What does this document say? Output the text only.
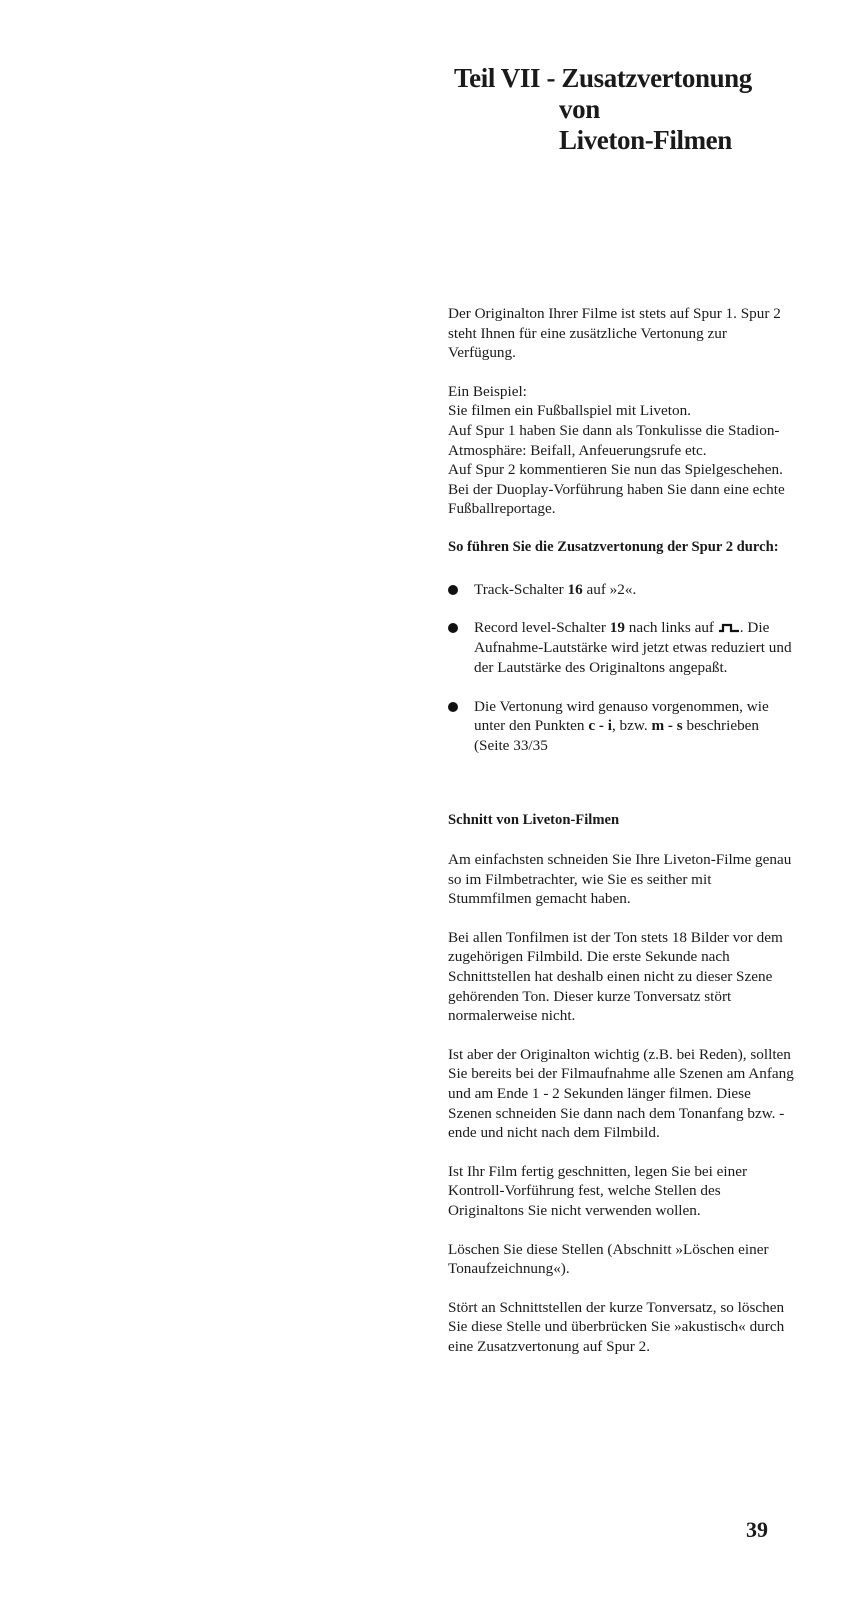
Teil VII - Zusatzvertonung
von
Liveton-Filmen

Der Originalton Ihrer Filme ist stets auf Spur 1. Spur 2 steht Ihnen für eine zusätzliche Vertonung zur Verfügung.

Ein Beispiel:

Sie filmen ein Fußballspiel mit Liveton.

Auf Spur 1 haben Sie dann als Tonkulisse die Stadion-Atmosphäre: Beifall, Anfeuerungsrufe etc.

Auf Spur 2 kommentieren Sie nun das Spielgeschehen.

Bei der Duoplay-Vorführung haben Sie dann eine echte Fußballreportage.

So führen Sie die Zusatzvertonung der Spur 2 durch:

Track-Schalter 16 auf »2«.
Record level-Schalter 19 nach links auf . Die Aufnahme-Lautstärke wird jetzt etwas reduziert und der Lautstärke des Originaltons angepaßt.
Die Vertonung wird genauso vorgenommen, wie unter den Punkten c - i, bzw. m - s beschrieben (Seite 33/35

Schnitt von Liveton-Filmen

Am einfachsten schneiden Sie Ihre Liveton-Filme genau so im Filmbetrachter, wie Sie es seither mit Stummfilmen gemacht haben.

Bei allen Tonfilmen ist der Ton stets 18 Bilder vor dem zugehörigen Filmbild. Die erste Sekunde nach Schnittstellen hat deshalb einen nicht zu dieser Szene gehörenden Ton. Dieser kurze Tonversatz stört normalerweise nicht.

Ist aber der Originalton wichtig (z.B. bei Reden), sollten Sie bereits bei der Filmaufnahme alle Szenen am Anfang und am Ende 1 - 2 Sekunden länger filmen. Diese Szenen schneiden Sie dann nach dem Tonanfang bzw. -ende und nicht nach dem Filmbild.

Ist Ihr Film fertig geschnitten, legen Sie bei einer Kontroll-Vorführung fest, welche Stellen des Originaltons Sie nicht verwenden wollen.

Löschen Sie diese Stellen (Abschnitt »Löschen einer Tonaufzeichnung«).

Stört an Schnittstellen der kurze Tonversatz, so löschen Sie diese Stelle und überbrücken Sie »akustisch« durch eine Zusatzvertonung auf Spur 2.

39
